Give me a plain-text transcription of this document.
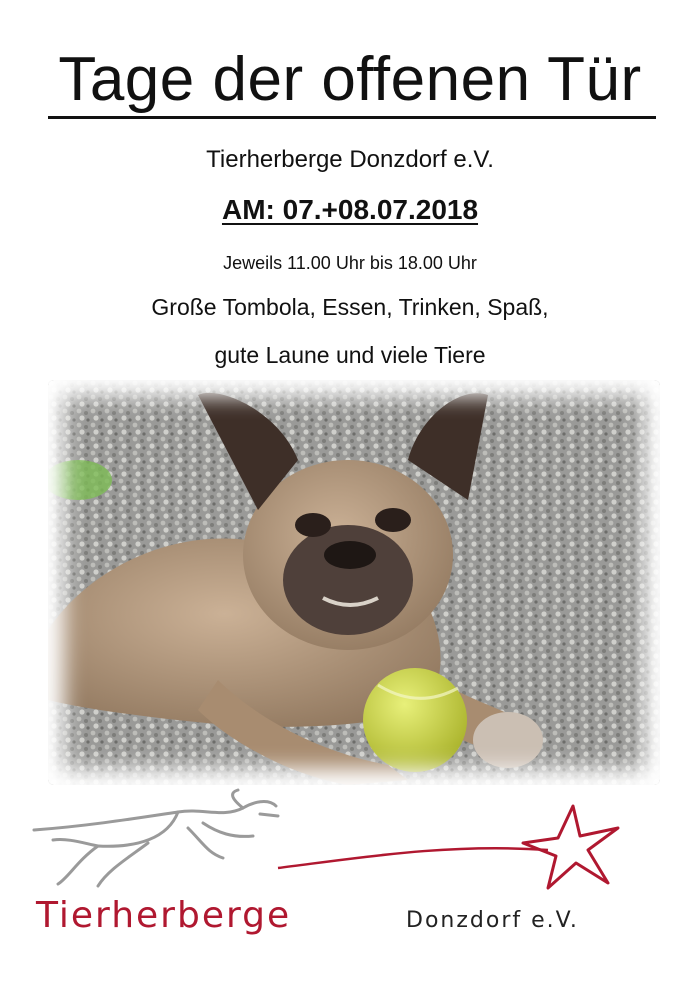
Tage der offenen Tür
Tierherberge Donzdorf e.V.
AM: 07.+08.07.2018
Jeweils 11.00 Uhr bis 18.00 Uhr
Große Tombola, Essen, Trinken, Spaß,
gute Laune und viele Tiere
Tierherberge	Donzdorf e.V.
